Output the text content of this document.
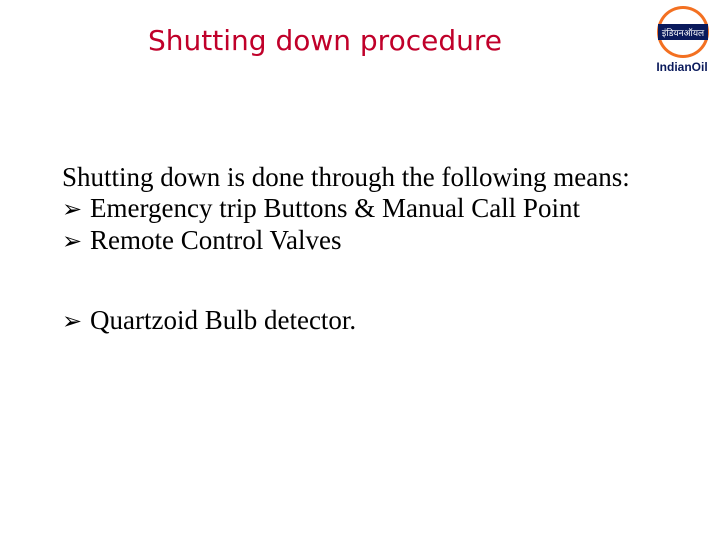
Shutting down procedure	इंडियनऑयल
IndianOil
Shutting down is done through the following means:
➢ Emergency trip Buttons & Manual Call Point
➢ Remote Control Valves
➢ Quartzoid Bulb detector.
